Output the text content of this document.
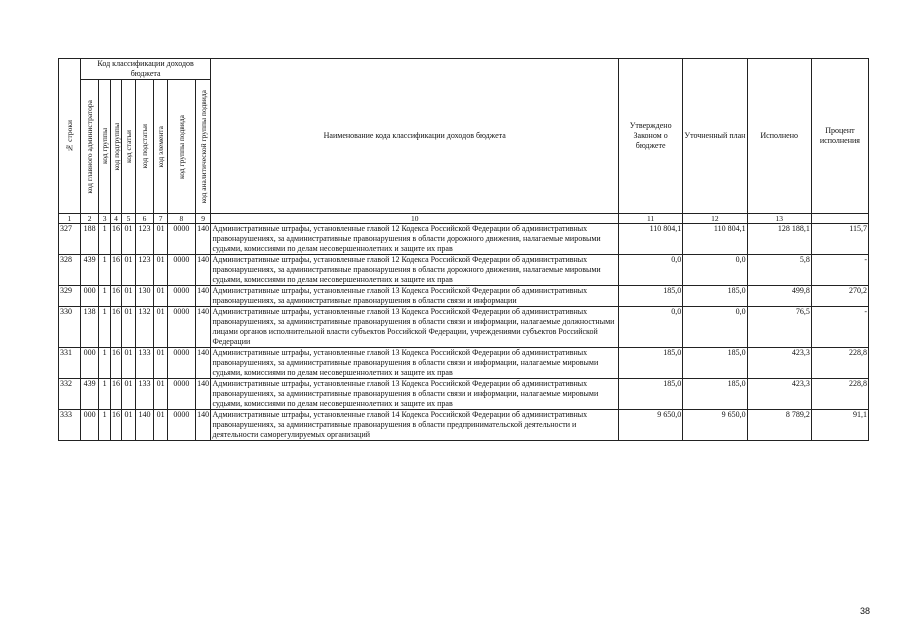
№ строки	Код классификации доходов бюджета								Наименование кода классификации доходов бюджета	Утверждено Законом о бюджете	Уточненный план	Исполнено	Процент исполнения

	код главного администратора	код группы	код подгруппы	код статьи	код подстатьи	код элемента	код группы подвида	код аналитической группы подвида					

1	2	3	4	5	6	7	8	9	10	11	12	13	
327	188	1	16	01	123	01	0000	140	Административные штрафы, установленные главой 12 Кодекса Российской Федерации об административных правонарушениях, за административные правонарушения в области дорожного движения, налагаемые мировыми судьями, комиссиями по делам несовершеннолетних и защите их прав	110 804,1	110 804,1	128 188,1	115,7
328	439	1	16	01	123	01	0000	140	Административные штрафы, установленные главой 12 Кодекса Российской Федерации об административных правонарушениях, за административные правонарушения в области дорожного движения, налагаемые мировыми судьями, комиссиями по делам несовершеннолетних и защите их прав	0,0	0,0	5,8	-
329	000	1	16	01	130	01	0000	140	Административные штрафы, установленные главой 13 Кодекса Российской Федерации об административных правонарушениях, за административные правонарушения в области связи и информации	185,0	185,0	499,8	270,2
330	138	1	16	01	132	01	0000	140	Административные штрафы, установленные главой 13 Кодекса Российской Федерации об административных правонарушениях, за административные правонарушения в области связи и информации, налагаемые должностными лицами органов исполнительной власти субъектов Российской Федерации, учреждениями субъектов Российской Федерации	0,0	0,0	76,5	-
331	000	1	16	01	133	01	0000	140	Административные штрафы, установленные главой 13 Кодекса Российской Федерации об административных правонарушениях, за административные правонарушения в области связи и информации, налагаемые мировыми судьями, комиссиями по делам несовершеннолетних и защите их прав	185,0	185,0	423,3	228,8
332	439	1	16	01	133	01	0000	140	Административные штрафы, установленные главой 13 Кодекса Российской Федерации об административных правонарушениях, за административные правонарушения в области связи и информации, налагаемые мировыми судьями, комиссиями по делам несовершеннолетних и защите их прав	185,0	185,0	423,3	228,8
333	000	1	16	01	140	01	0000	140	Административные штрафы, установленные главой 14 Кодекса Российской Федерации об административных правонарушениях, за административные правонарушения в области предпринимательской деятельности и деятельности саморегулируемых организаций	9 650,0	9 650,0	8 789,2	91,1
38
